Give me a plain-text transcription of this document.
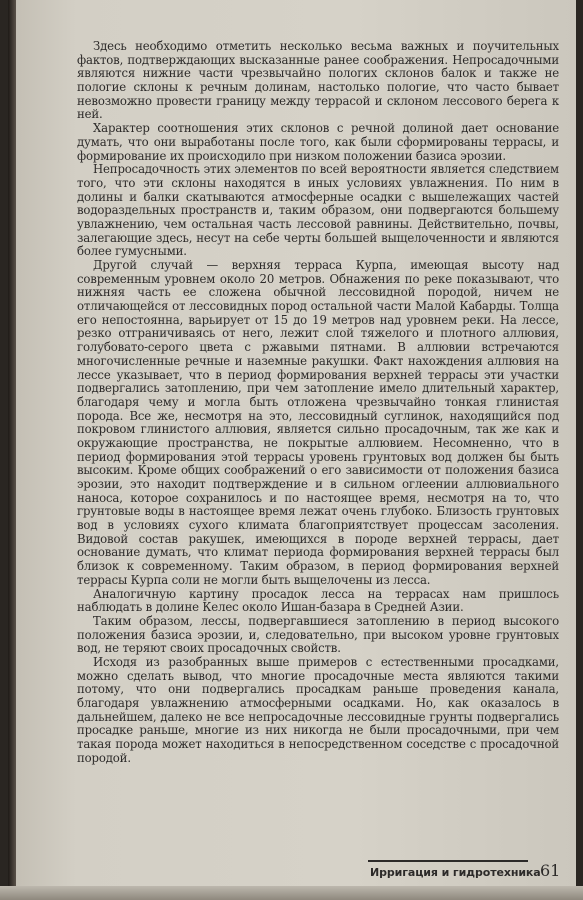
Здесь необходимо отметить несколько весьма важных и поучительных фактов, подтверждающих высказанные ранее соображения. Непросадочными являются нижние части чрезвычайно пологих склонов балок и также не пологие склоны к речным долинам, настолько пологие, что часто бывает невозможно провести границу между террасой и склоном лессового берега к ней.

Характер соотношения этих склонов с речной долиной дает основание думать, что они выработаны после того, как были сформированы террасы, и формирование их происходило при низком положении базиса эрозии.

Непросадочность этих элементов по всей вероятности является следствием того, что эти склоны находятся в иных условиях увлажнения. По ним в долины и балки скатываются атмосферные осадки с вышележащих частей водораздельных пространств и, таким образом, они подвергаются большему увлажнению, чем остальная часть лессовой равнины. Действительно, почвы, залегающие здесь, несут на себе черты большей выщелоченности и являются более гумусными.

Другой случай — верхняя терраса Курпа, имеющая высоту над современным уровнем около 20 метров. Обнажения по реке показывают, что нижняя часть ее сложена обычной лессовидной породой, ничем не отличающейся от лессовидных пород остальной части Малой Кабарды. Толща его непостоянна, варьирует от 15 до 19 метров над уровнем реки. На лессе, резко отграничиваясь от него, лежит слой тяжелого и плотного аллювия, голубовато-серого цвета с ржавыми пятнами. В аллювии встречаются многочисленные речные и наземные ракушки. Факт нахождения аллювия на лессе указывает, что в период формирования верхней террасы эти участки подвергались затоплению, при чем затопление имело длительный характер, благодаря чему и могла быть отложена чрезвычайно тонкая глинистая порода. Все же, несмотря на это, лессовидный суглинок, находящийся под покровом глинистого аллювия, является сильно просадочным, так же как и окружающие пространства, не покрытые аллювием. Несомненно, что в период формирования этой террасы уровень грунтовых вод должен бы быть высоким. Кроме общих соображений о его зависимости от положения базиса эрозии, это находит подтверждение и в сильном оглеении аллювиального наноса, которое сохранилось и по настоящее время, несмотря на то, что грунтовые воды в настоящее время лежат очень глубоко. Близость грунтовых вод в условиях сухого климата благоприятствует процессам засоления. Видовой состав ракушек, имеющихся в породе верхней террасы, дает основание думать, что климат периода формирования верхней террасы был близок к современному. Таким образом, в период формирования верхней террасы Курпа соли не могли быть выщелочены из лесса.

Аналогичную картину просадок лесса на террасах нам пришлось наблюдать в долине Келес около Ишан-базара в Средней Азии.

Таким образом, лессы, подвергавшиеся затоплению в период высокого положения базиса эрозии, и, следовательно, при высоком уровне грунтовых вод, не теряют своих просадочных свойств.

Исходя из разобранных выше примеров с естественными просадками, можно сделать вывод, что многие просадочные места являются такими потому, что они подвергались просадкам раньше проведения канала, благодаря увлажнению атмосферными осадками. Но, как оказалось в дальнейшем, далеко не все непросадочные лессовидные грунты подвергались просадке раньше, многие из них никогда не были просадочными, при чем такая порода может находиться в непосредственном соседстве с просадочной породой.

Ирригация и гидротехника 61
